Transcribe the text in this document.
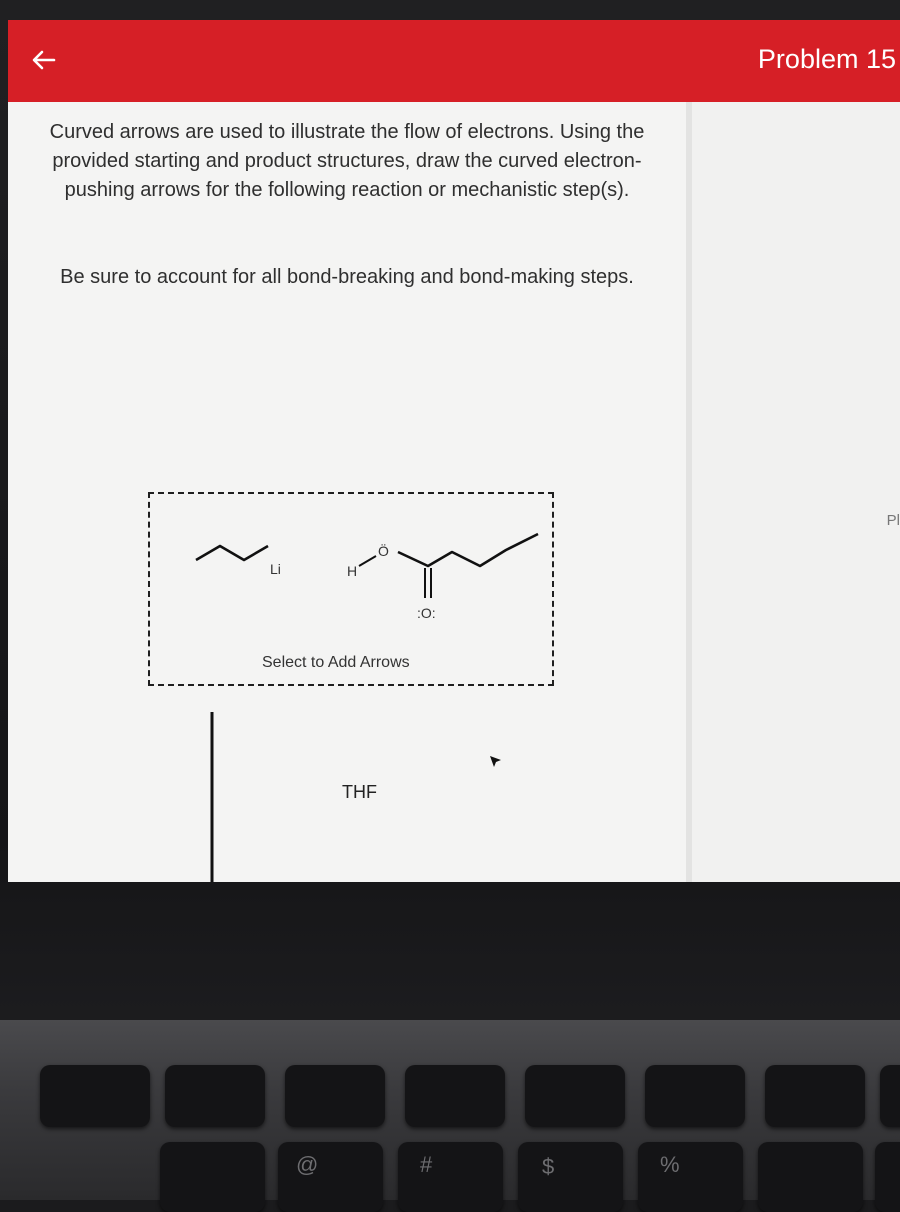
Problem 15

Curved arrows are used to illustrate the flow of electrons. Using the provided starting and product structures, draw the curved electron-pushing arrows for the following reaction or mechanistic step(s).

Be sure to account for all bond-breaking and bond-making steps.

Li	H
Ö
:O:
Select to Add Arrows
THF
Pl
@	#	$	%
